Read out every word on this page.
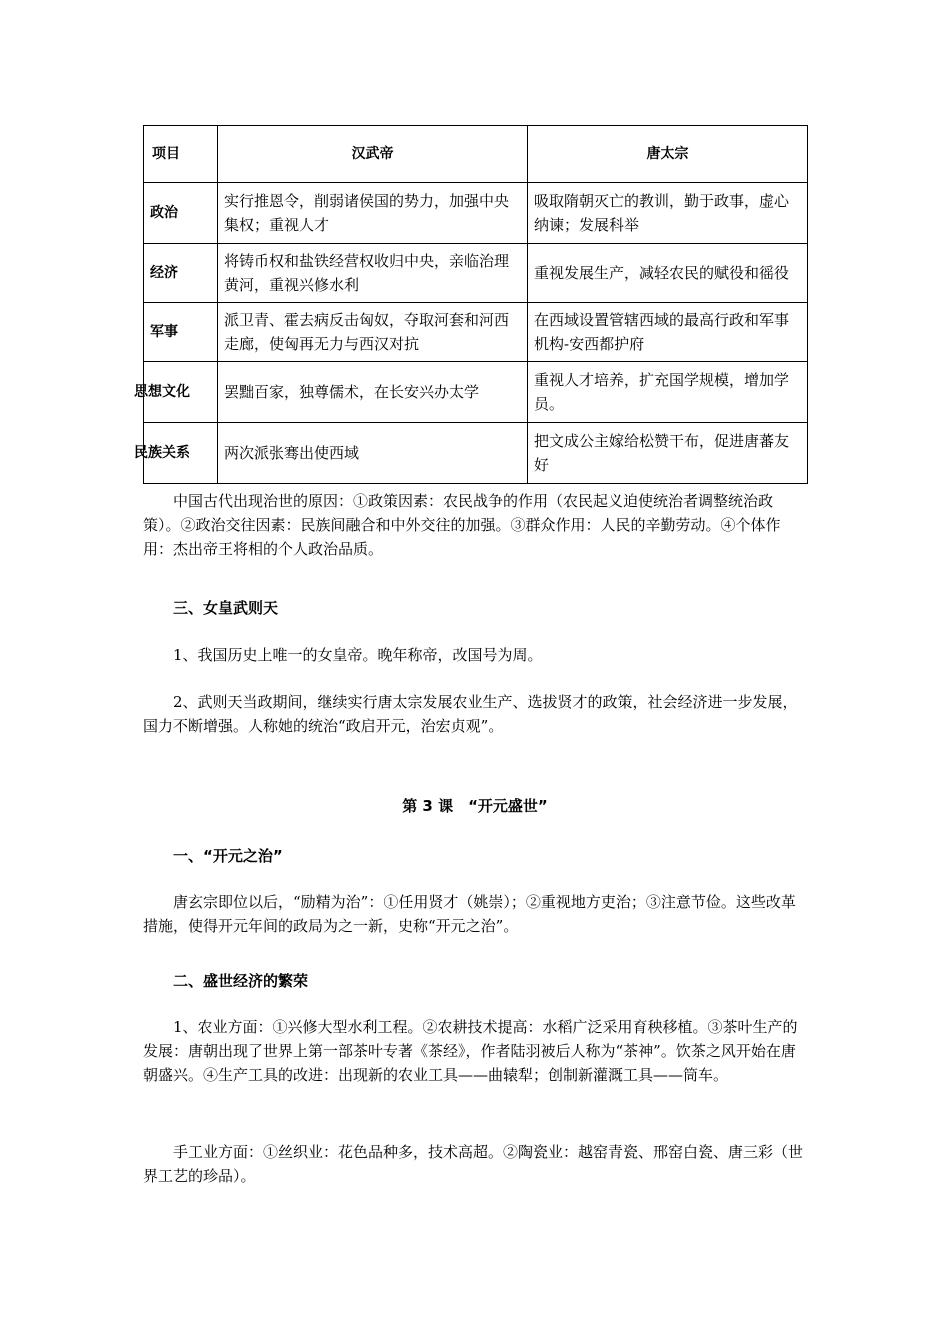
项目	汉武帝	唐太宗
政治	实行推恩令，削弱诸侯国的势力，加强中央集权；重视人才	吸取隋朝灭亡的教训，勤于政事，虚心纳谏；发展科举
经济	将铸币权和盐铁经营权收归中央，亲临治理黄河，重视兴修水利	重视发展生产，减轻农民的赋役和徭役
军事	派卫青、霍去病反击匈奴，夺取河套和河西走廊，使匈再无力与西汉对抗	在西域设置管辖西域的最高行政和军事机构-安西都护府
思想文化	罢黜百家，独尊儒术，在长安兴办太学	重视人才培养，扩充国学规模，增加学员。
民族关系	两次派张骞出使西域	把文成公主嫁给松赞干布，促进唐蕃友好

中国古代出现治世的原因：①政策因素：农民战争的作用（农民起义迫使统治者调整统治政策）。②政治交往因素：民族间融合和中外交往的加强。③群众作用：人民的辛勤劳动。④个体作用：杰出帝王将相的个人政治品质。

三、女皇武则天

1、我国历史上唯一的女皇帝。晚年称帝，改国号为周。

2、武则天当政期间，继续实行唐太宗发展农业生产、选拔贤才的政策，社会经济进一步发展，国力不断增强。人称她的统治“政启开元，治宏贞观”。

第 3 课　“开元盛世”

一、“开元之治”

唐玄宗即位以后，“励精为治”：①任用贤才（姚崇）；②重视地方吏治；③注意节俭。这些改革措施，使得开元年间的政局为之一新，史称“开元之治”。

二、盛世经济的繁荣

1、农业方面：①兴修大型水利工程。②农耕技术提高：水稻广泛采用育秧移植。③茶叶生产的发展：唐朝出现了世界上第一部茶叶专著《茶经》，作者陆羽被后人称为“茶神”。饮茶之风开始在唐朝盛兴。④生产工具的改进：出现新的农业工具——曲辕犁；创制新灌溉工具——筒车。

手工业方面：①丝织业：花色品种多，技术高超。②陶瓷业：越窑青瓷、邢窑白瓷、唐三彩（世界工艺的珍品）。
